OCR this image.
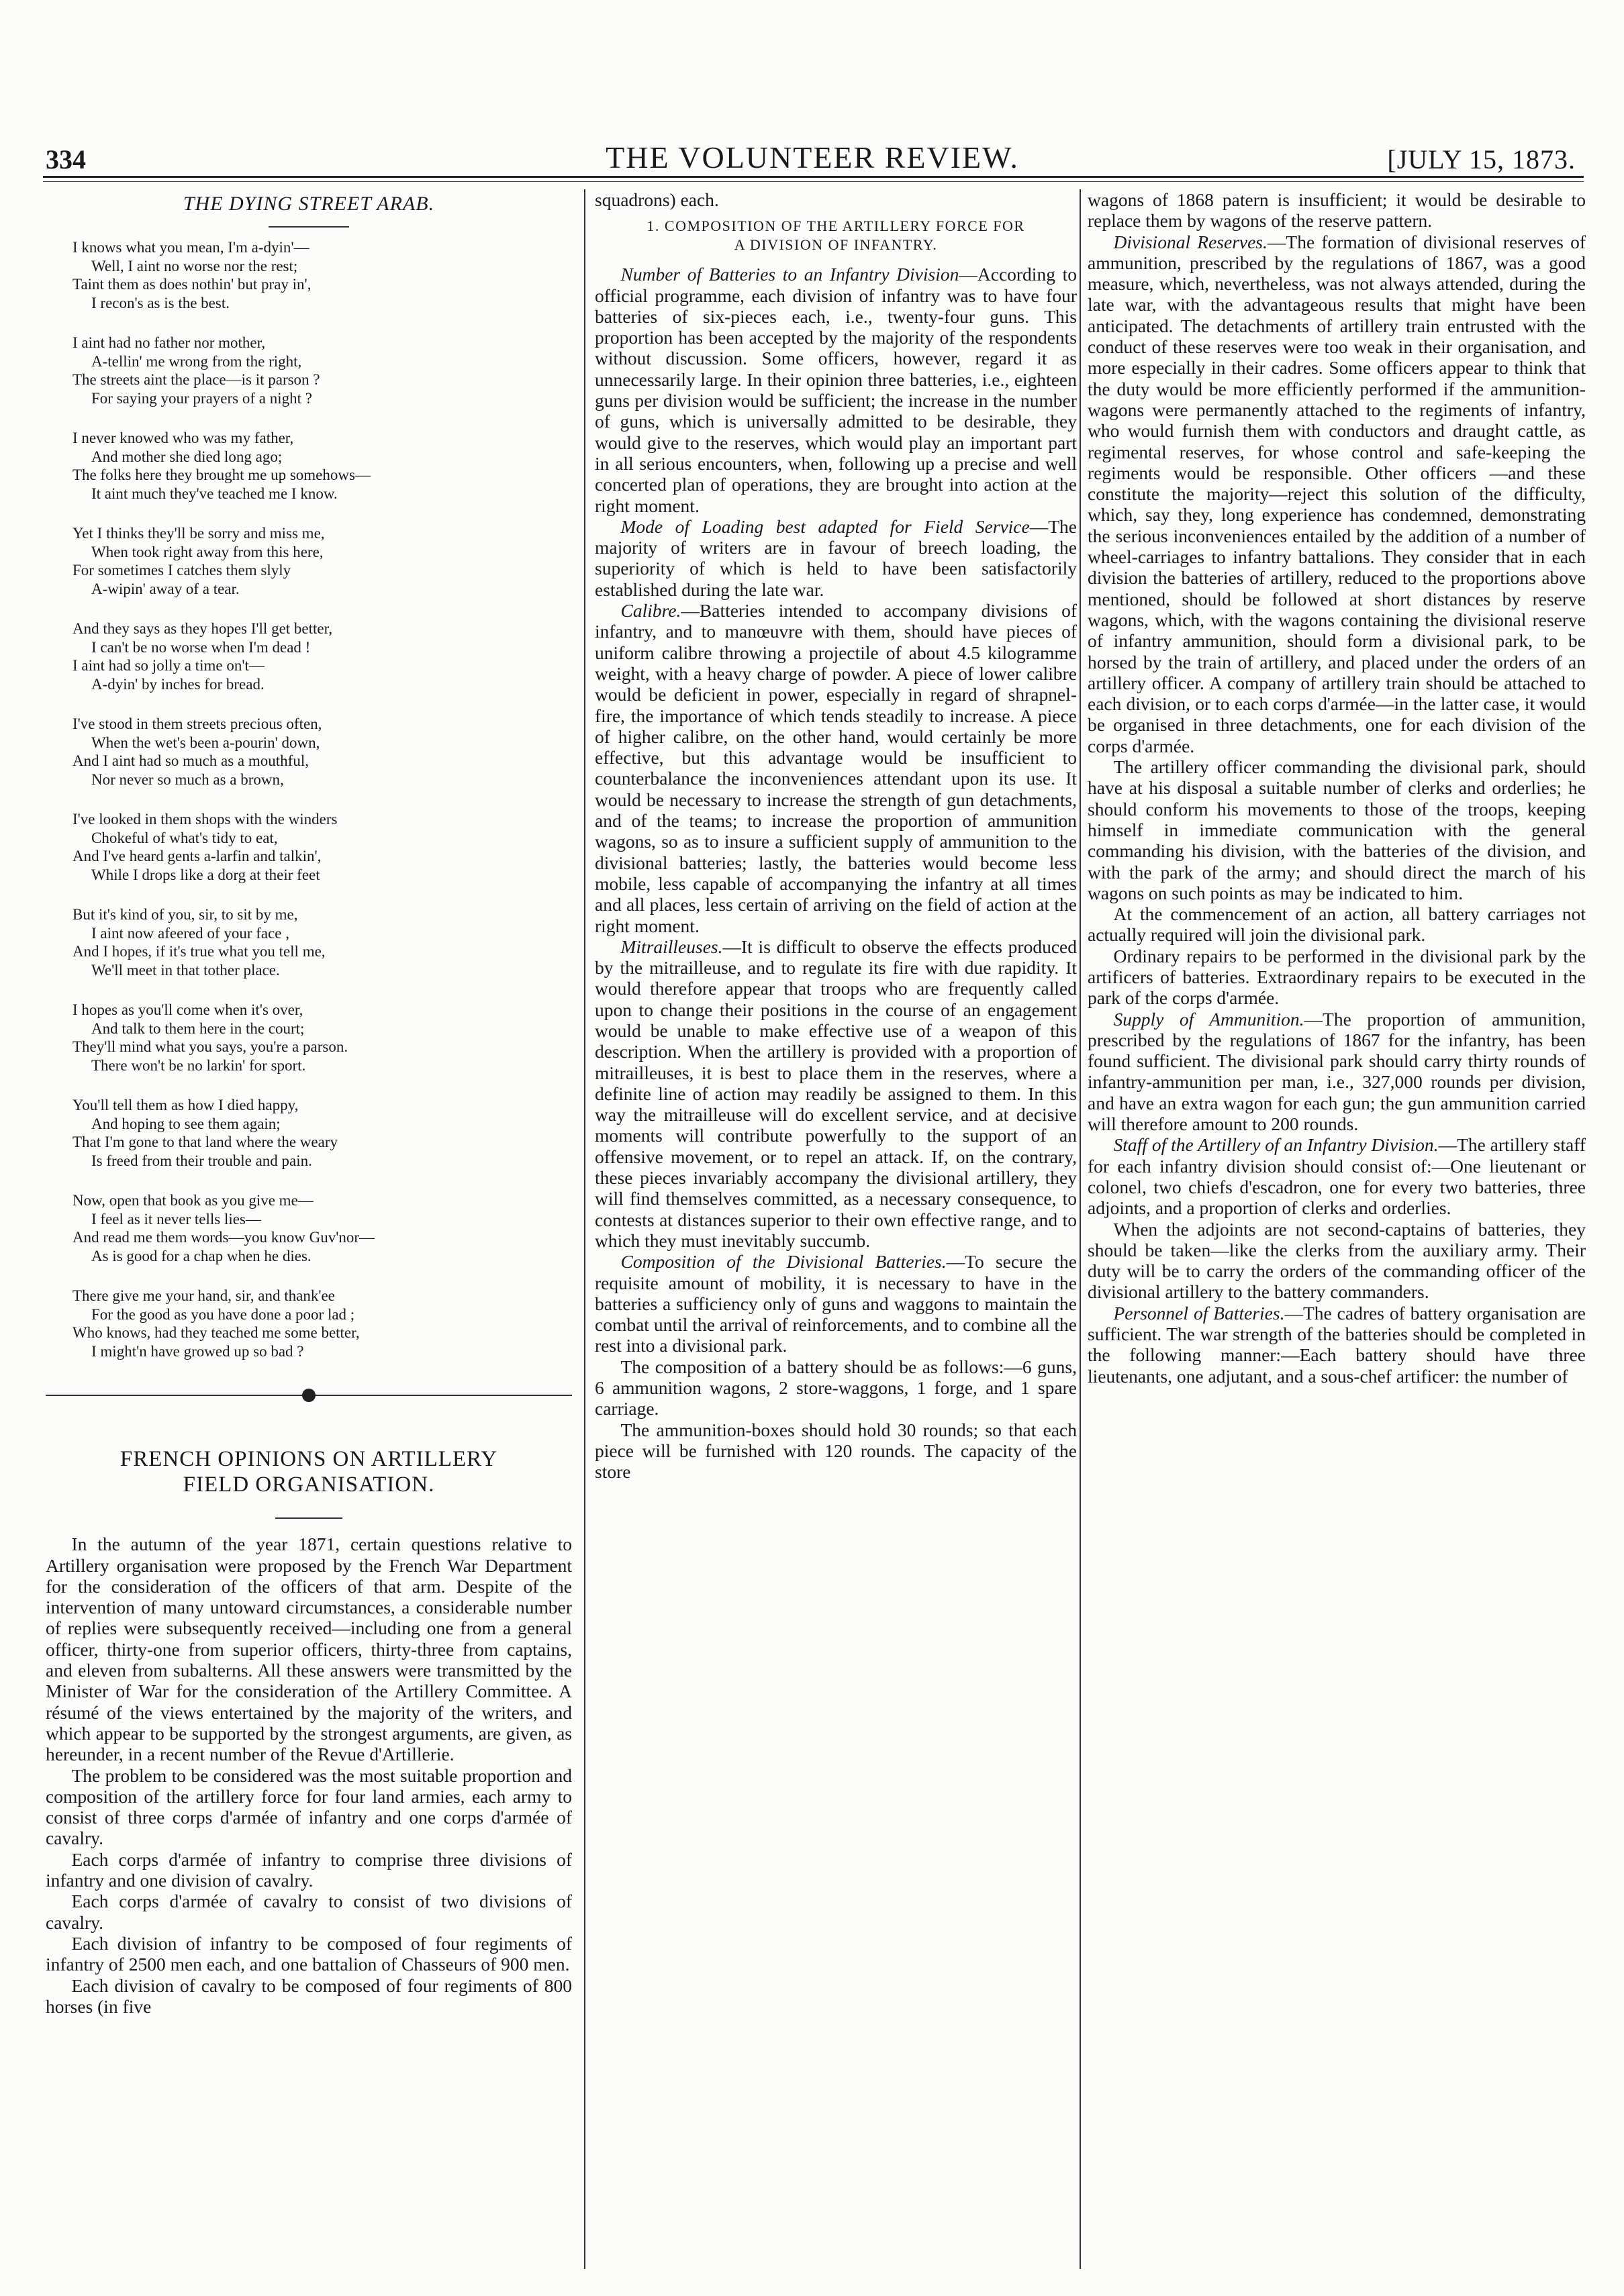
334	THE VOLUNTEER REVIEW.	[JULY 15, 1873.
THE DYING STREET ARAB.
I knows what you mean, I'm a-dyin'—
Well, I aint no worse nor the rest;
Taint them as does nothin' but pray in',
I recon's as is the best.
I aint had no father nor mother,
A-tellin' me wrong from the right,
The streets aint the place—is it parson ?
For saying your prayers of a night ?
I never knowed who was my father,
And mother she died long ago;
The folks here they brought me up somehows—
It aint much they've teached me I know.
Yet I thinks they'll be sorry and miss me,
When took right away from this here,
For sometimes I catches them slyly
A-wipin' away of a tear.
And they says as they hopes I'll get better,
I can't be no worse when I'm dead !
I aint had so jolly a time on't—
A-dyin' by inches for bread.
I've stood in them streets precious often,
When the wet's been a-pourin' down,
And I aint had so much as a mouthful,
Nor never so much as a brown,
I've looked in them shops with the winders
Chokeful of what's tidy to eat,
And I've heard gents a-larfin and talkin',
While I drops like a dorg at their feet
But it's kind of you, sir, to sit by me,
I aint now afeered of your face ,
And I hopes, if it's true what you tell me,
We'll meet in that tother place.
I hopes as you'll come when it's over,
And talk to them here in the court;
They'll mind what you says, you're a parson.
There won't be no larkin' for sport.
You'll tell them as how I died happy,
And hoping to see them again;
That I'm gone to that land where the weary
Is freed from their trouble and pain.
Now, open that book as you give me—
I feel as it never tells lies—
And read me them words—you know Guv'nor—
As is good for a chap when he dies.
There give me your hand, sir, and thank'ee
For the good as you have done a poor lad ;
Who knows, had they teached me some better,
I might'n have growed up so bad ?
FRENCH OPINIONS ON ARTILLERY
FIELD ORGANISATION.

In the autumn of the year 1871, certain questions relative to Artillery organisation were proposed by the French War Department for the consideration of the officers of that arm. Despite of the intervention of many untoward circumstances, a considerable number of replies were subsequently received—including one from a general officer, thirty-one from superior officers, thirty-three from captains, and eleven from subalterns. All these answers were transmitted by the Minister of War for the consideration of the Artillery Committee. A résumé of the views entertained by the majority of the writers, and which appear to be supported by the strongest arguments, are given, as hereunder, in a recent number of the Revue d'Artillerie.

The problem to be considered was the most suitable proportion and composition of the artillery force for four land armies, each army to consist of three corps d'armée of infantry and one corps d'armée of cavalry.

Each corps d'armée of infantry to comprise three divisions of infantry and one division of cavalry.

Each corps d'armée of cavalry to consist of two divisions of cavalry.

Each division of infantry to be composed of four regiments of infantry of 2500 men each, and one battalion of Chasseurs of 900 men.

Each division of cavalry to be composed of four regiments of 800 horses (in five

squadrons) each.

1. COMPOSITION OF THE ARTILLERY FORCE FOR
A DIVISION OF INFANTRY.

Number of Batteries to an Infantry Division—According to official programme, each division of infantry was to have four batteries of six-pieces each, i.e., twenty-four guns. This proportion has been accepted by the majority of the respondents without discussion. Some officers, however, regard it as unnecessarily large. In their opinion three batteries, i.e., eighteen guns per division would be sufficient; the increase in the number of guns, which is universally admitted to be desirable, they would give to the reserves, which would play an important part in all serious encounters, when, following up a precise and well concerted plan of operations, they are brought into action at the right moment.

Mode of Loading best adapted for Field Service—The majority of writers are in favour of breech loading, the superiority of which is held to have been satisfactorily established during the late war.

Calibre.—Batteries intended to accompany divisions of infantry, and to manœuvre with them, should have pieces of uniform calibre throwing a projectile of about 4.5 kilogramme weight, with a heavy charge of powder. A piece of lower calibre would be deficient in power, especially in regard of shrapnel-fire, the importance of which tends steadily to increase. A piece of higher calibre, on the other hand, would certainly be more effective, but this advantage would be insufficient to counterbalance the inconveniences attendant upon its use. It would be necessary to increase the strength of gun detachments, and of the teams; to increase the proportion of ammunition wagons, so as to insure a sufficient supply of ammunition to the divisional batteries; lastly, the batteries would become less mobile, less capable of accompanying the infantry at all times and all places, less certain of arriving on the field of action at the right moment.

Mitrailleuses.—It is difficult to observe the effects produced by the mitrailleuse, and to regulate its fire with due rapidity. It would therefore appear that troops who are frequently called upon to change their positions in the course of an engagement would be unable to make effective use of a weapon of this description. When the artillery is provided with a proportion of mitrailleuses, it is best to place them in the reserves, where a definite line of action may readily be assigned to them. In this way the mitrailleuse will do excellent service, and at decisive moments will contribute powerfully to the support of an offensive movement, or to repel an attack. If, on the contrary, these pieces invariably accompany the divisional artillery, they will find themselves committed, as a necessary consequence, to contests at distances superior to their own effective range, and to which they must inevitably succumb.

Composition of the Divisional Batteries.—To secure the requisite amount of mobility, it is necessary to have in the batteries a sufficiency only of guns and waggons to maintain the combat until the arrival of reinforcements, and to combine all the rest into a divisional park.

The composition of a battery should be as follows:—6 guns, 6 ammunition wagons, 2 store-waggons, 1 forge, and 1 spare carriage.

The ammunition-boxes should hold 30 rounds; so that each piece will be furnished with 120 rounds. The capacity of the store

wagons of 1868 patern is insufficient; it would be desirable to replace them by wagons of the reserve pattern.

Divisional Reserves.—The formation of divisional reserves of ammunition, prescribed by the regulations of 1867, was a good measure, which, nevertheless, was not always attended, during the late war, with the advantageous results that might have been anticipated. The detachments of artillery train entrusted with the conduct of these reserves were too weak in their organisation, and more especially in their cadres. Some officers appear to think that the duty would be more efficiently performed if the ammunition-wagons were permanently attached to the regiments of infantry, who would furnish them with conductors and draught cattle, as regimental reserves, for whose control and safe-keeping the regiments would be responsible. Other officers —and these constitute the majority—reject this solution of the difficulty, which, say they, long experience has condemned, demonstrating the serious inconveniences entailed by the addition of a number of wheel-carriages to infantry battalions. They consider that in each division the batteries of artillery, reduced to the proportions above mentioned, should be followed at short distances by reserve wagons, which, with the wagons containing the divisional reserve of infantry ammunition, should form a divisional park, to be horsed by the train of artillery, and placed under the orders of an artillery officer. A company of artillery train should be attached to each division, or to each corps d'armée—in the latter case, it would be organised in three detachments, one for each division of the corps d'armée.

The artillery officer commanding the divisional park, should have at his disposal a suitable number of clerks and orderlies; he should conform his movements to those of the troops, keeping himself in immediate communication with the general commanding his division, with the batteries of the division, and with the park of the army; and should direct the march of his wagons on such points as may be indicated to him.

At the commencement of an action, all battery carriages not actually required will join the divisional park.

Ordinary repairs to be performed in the divisional park by the artificers of batteries. Extraordinary repairs to be executed in the park of the corps d'armée.

Supply of Ammunition.—The proportion of ammunition, prescribed by the regulations of 1867 for the infantry, has been found sufficient. The divisional park should carry thirty rounds of infantry-ammunition per man, i.e., 327,000 rounds per division, and have an extra wagon for each gun; the gun ammunition carried will therefore amount to 200 rounds.

Staff of the Artillery of an Infantry Division.—The artillery staff for each infantry division should consist of:—One lieutenant or colonel, two chiefs d'escadron, one for every two batteries, three adjoints, and a proportion of clerks and orderlies.

When the adjoints are not second-captains of batteries, they should be taken—like the clerks from the auxiliary army. Their duty will be to carry the orders of the commanding officer of the divisional artillery to the battery commanders.

Personnel of Batteries.—The cadres of battery organisation are sufficient. The war strength of the batteries should be completed in the following manner:—Each battery should have three lieutenants, one adjutant, and a sous-chef artificer: the number of
